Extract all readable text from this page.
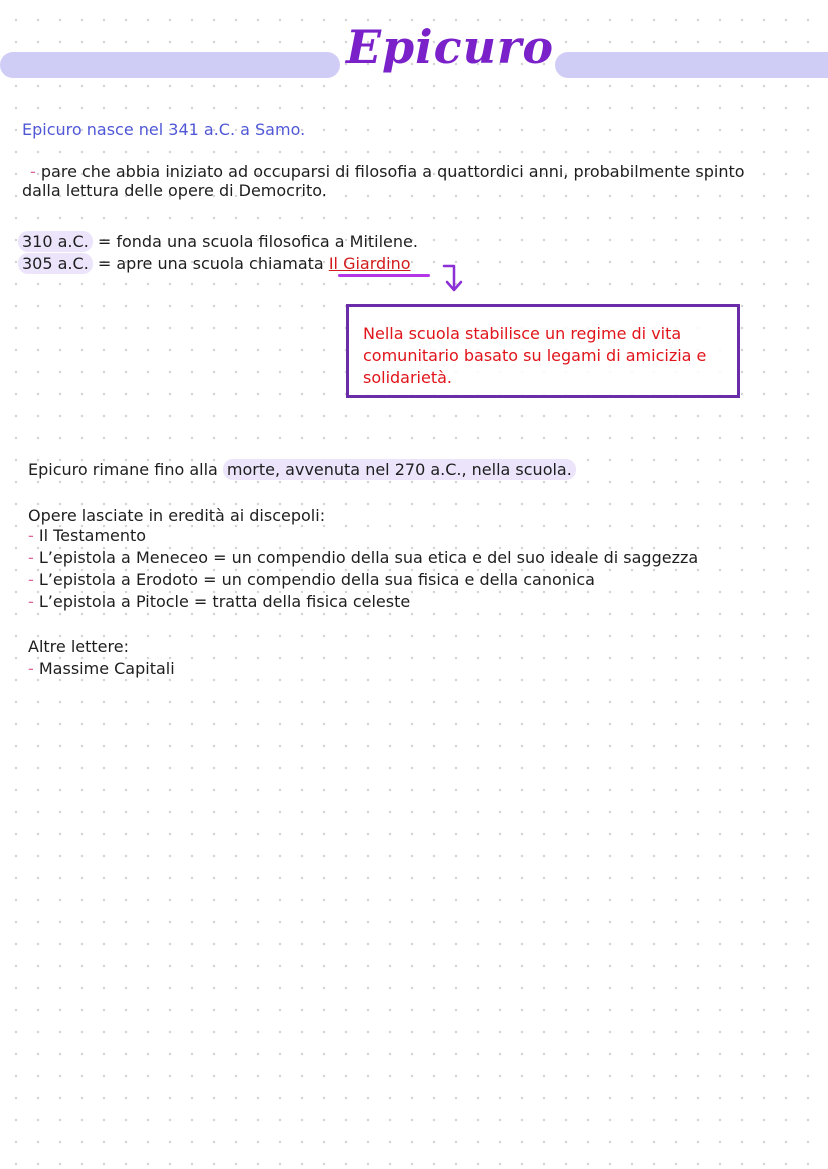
Epicuro
Epicuro nasce nel 341 a.C. a Samo.
- pare che abbia iniziato ad occuparsi di filosofia a quattordici anni, probabilmente spinto
dalla lettura delle opere di Democrito.
310 a.C. = fonda una scuola filosofica a Mitilene.
305 a.C. = apre una scuola chiamata Il Giardino
Nella scuola stabilisce un regime di vita comunitario basato su legami di amicizia e solidarietà.
Epicuro rimane fino alla morte, avvenuta nel 270 a.C., nella scuola.
Opere lasciate in eredità ai discepoli:
- Il Testamento
- L’epistola a Meneceo = un compendio della sua etica e del suo ideale di saggezza
- L’epistola a Erodoto = un compendio della sua fisica e della canonica
- L’epistola a Pitocle = tratta della fisica celeste
Altre lettere:
- Massime Capitali
